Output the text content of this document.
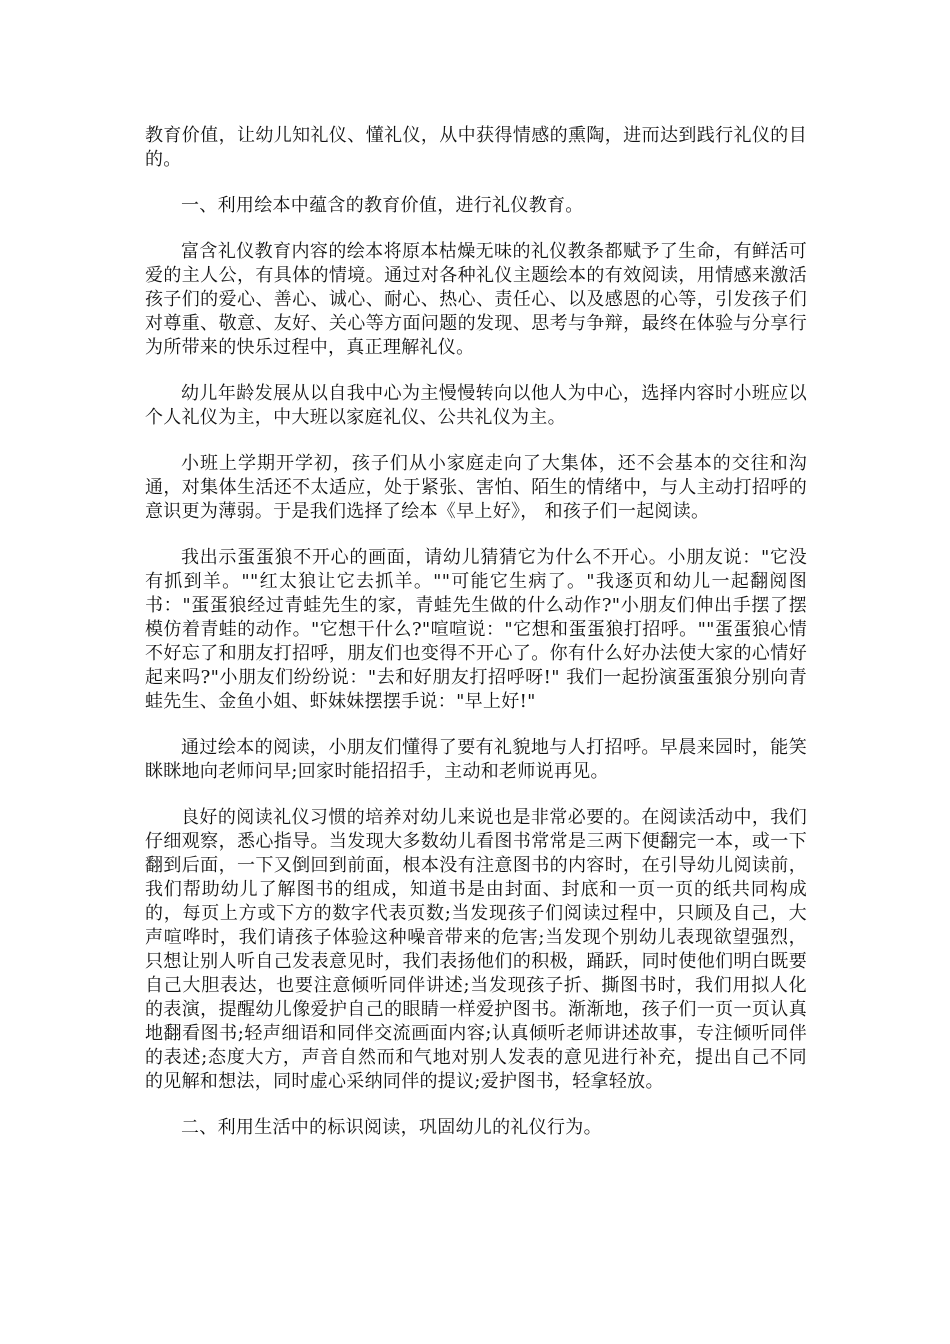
教育价值，让幼儿知礼仪、懂礼仪，从中获得情感的熏陶，进而达到践行礼仪的目的。

一、利用绘本中蕴含的教育价值，进行礼仪教育。

富含礼仪教育内容的绘本将原本枯燥无味的礼仪教条都赋予了生命，有鲜活可爱的主人公，有具体的情境。通过对各种礼仪主题绘本的有效阅读，用情感来激活孩子们的爱心、善心、诚心、耐心、热心、责任心、以及感恩的心等，引发孩子们对尊重、敬意、友好、关心等方面问题的发现、思考与争辩，最终在体验与分享行为所带来的快乐过程中，真正理解礼仪。

幼儿年龄发展从以自我中心为主慢慢转向以他人为中心，选择内容时小班应以个人礼仪为主，中大班以家庭礼仪、公共礼仪为主。

小班上学期开学初，孩子们从小家庭走向了大集体，还不会基本的交往和沟通，对集体生活还不太适应，处于紧张、害怕、陌生的情绪中，与人主动打招呼的意识更为薄弱。于是我们选择了绘本《早上好》， 和孩子们一起阅读。

我出示蛋蛋狼不开心的画面，请幼儿猜猜它为什么不开心。小朋友说："它没有抓到羊。""红太狼让它去抓羊。""可能它生病了。"我逐页和幼儿一起翻阅图书："蛋蛋狼经过青蛙先生的家，青蛙先生做的什么动作?"小朋友们伸出手摆了摆模仿着青蛙的动作。"它想干什么?"喧喧说："它想和蛋蛋狼打招呼。""蛋蛋狼心情不好忘了和朋友打招呼，朋友们也变得不开心了。你有什么好办法使大家的心情好起来吗?"小朋友们纷纷说："去和好朋友打招呼呀!" 我们一起扮演蛋蛋狼分别向青蛙先生、金鱼小姐、虾妹妹摆摆手说："早上好!"

通过绘本的阅读，小朋友们懂得了要有礼貌地与人打招呼。早晨来园时，能笑眯眯地向老师问早;回家时能招招手，主动和老师说再见。

良好的阅读礼仪习惯的培养对幼儿来说也是非常必要的。在阅读活动中，我们仔细观察，悉心指导。当发现大多数幼儿看图书常常是三两下便翻完一本，或一下翻到后面，一下又倒回到前面，根本没有注意图书的内容时，在引导幼儿阅读前，我们帮助幼儿了解图书的组成，知道书是由封面、封底和一页一页的纸共同构成的，每页上方或下方的数字代表页数;当发现孩子们阅读过程中，只顾及自己，大声喧哗时，我们请孩子体验这种噪音带来的危害;当发现个别幼儿表现欲望强烈，只想让别人听自己发表意见时，我们表扬他们的积极，踊跃，同时使他们明白既要自己大胆表达，也要注意倾听同伴讲述;当发现孩子折、撕图书时，我们用拟人化的表演，提醒幼儿像爱护自己的眼睛一样爱护图书。渐渐地，孩子们一页一页认真地翻看图书;轻声细语和同伴交流画面内容;认真倾听老师讲述故事，专注倾听同伴的表述;态度大方，声音自然而和气地对别人发表的意见进行补充，提出自己不同的见解和想法，同时虚心采纳同伴的提议;爱护图书，轻拿轻放。

二、利用生活中的标识阅读，巩固幼儿的礼仪行为。
